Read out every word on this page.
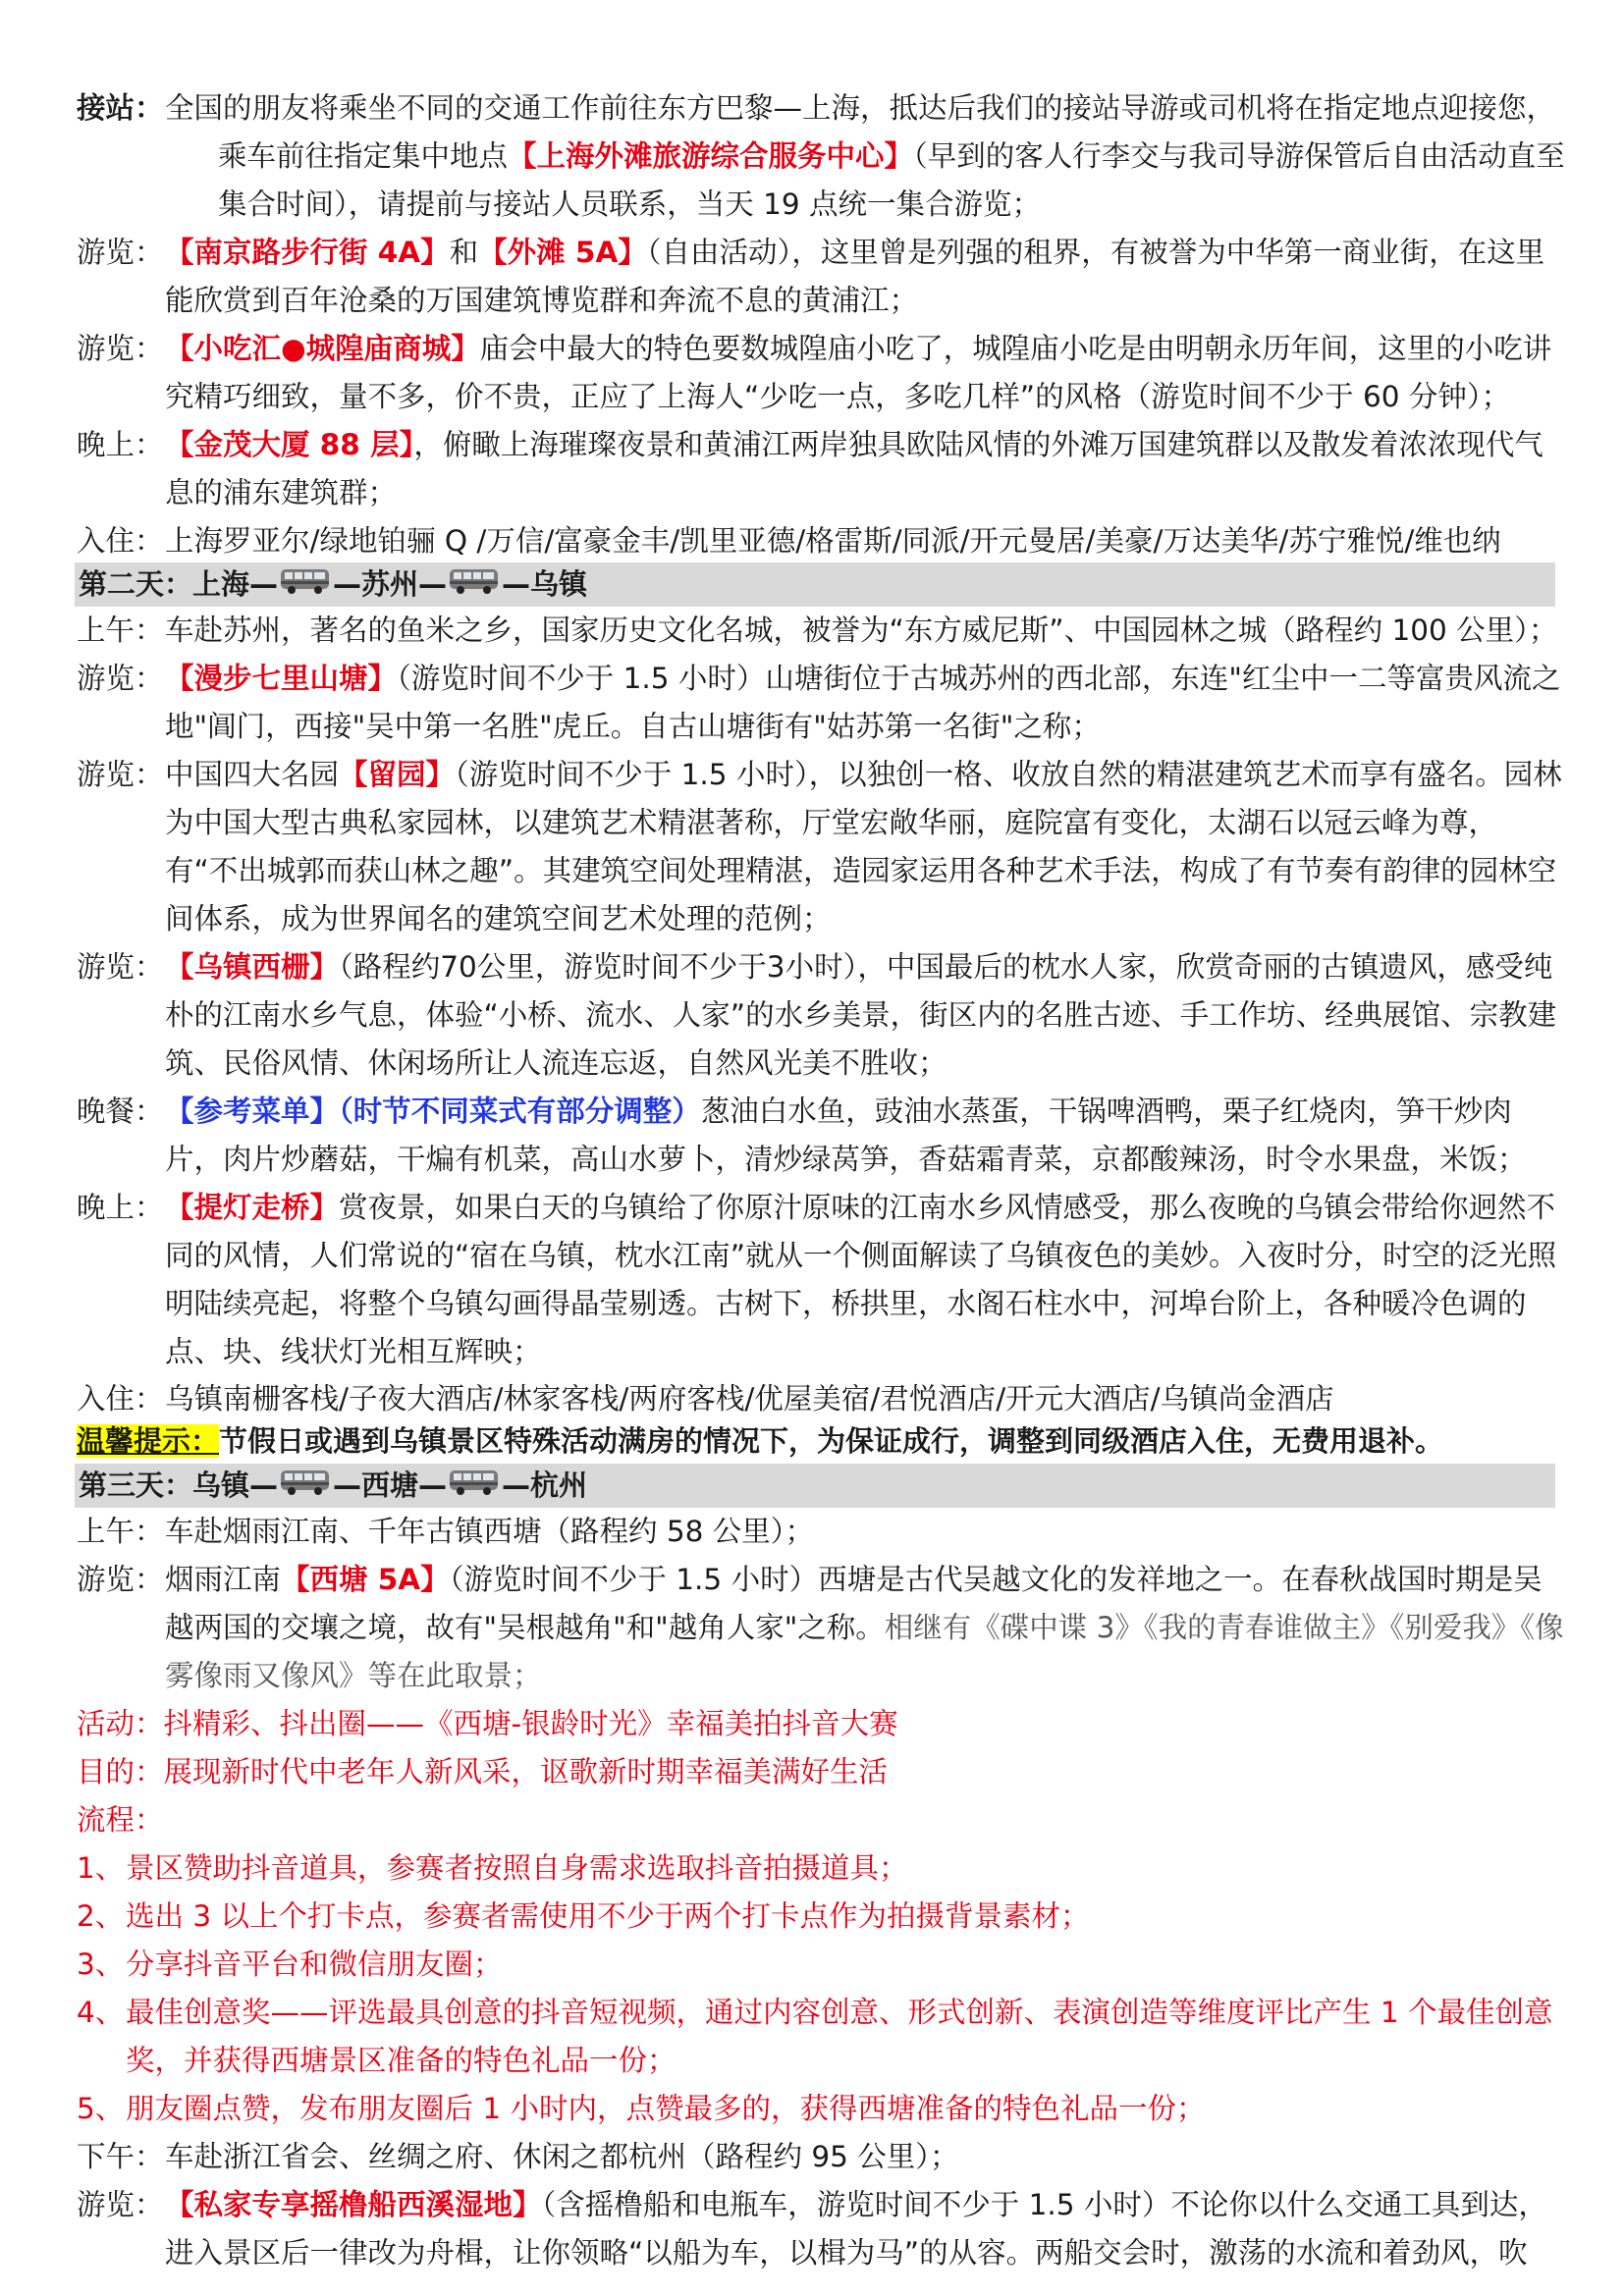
接站： 全国的朋友将乘坐不同的交通工作前往东方巴黎—上海，抵达后我们的接站导游或司机将在指定地点迎接您，
乘车前往指定集中地点【上海外滩旅游综合服务中心】（早到的客人行李交与我司导游保管后自由活动直至集合时间），请提前与接站人员联系，当天 19 点统一集合游览；
游览： 【南京路步行街 4A】和【外滩 5A】（自由活动），这里曾是列强的租界，有被誉为中华第一商业街，在这里能欣赏到百年沧桑的万国建筑博览群和奔流不息的黄浦江；
游览： 【小吃汇●城隍庙商城】庙会中最大的特色要数城隍庙小吃了，城隍庙小吃是由明朝永历年间，这里的小吃讲究精巧细致，量不多，价不贵，正应了上海人“少吃一点，多吃几样”的风格（游览时间不少于 60 分钟）；
晚上： 【金茂大厦 88 层】，俯瞰上海璀璨夜景和黄浦江两岸独具欧陆风情的外滩万国建筑群以及散发着浓浓现代气息的浦东建筑群；
入住： 上海罗亚尔/绿地铂骊 Q /万信/富豪金丰/凯里亚德/格雷斯/同派/开元曼居/美豪/万达美华/苏宁雅悦/维也纳
第二天：上海— —苏州— —乌镇
上午： 车赴苏州，著名的鱼米之乡，国家历史文化名城，被誉为“东方威尼斯”、中国园林之城（路程约 100 公里）；
游览： 【漫步七里山塘】（游览时间不少于 1.5 小时）山塘街位于古城苏州的西北部，东连"红尘中一二等富贵风流之地"阊门，西接"吴中第一名胜"虎丘。自古山塘街有"姑苏第一名街"之称；
游览： 中国四大名园【留园】（游览时间不少于 1.5 小时），以独创一格、收放自然的精湛建筑艺术而享有盛名。园林为中国大型古典私家园林，以建筑艺术精湛著称，厅堂宏敞华丽，庭院富有变化，太湖石以冠云峰为尊，有“不出城郭而获山林之趣”。其建筑空间处理精湛，造园家运用各种艺术手法，构成了有节奏有韵律的园林空间体系，成为世界闻名的建筑空间艺术处理的范例；
游览： 【乌镇西栅】（路程约70公里，游览时间不少于3小时），中国最后的枕水人家，欣赏奇丽的古镇遗风，感受纯朴的江南水乡气息，体验“小桥、流水、人家”的水乡美景，街区内的名胜古迹、手工作坊、经典展馆、宗教建筑、民俗风情、休闲场所让人流连忘返，自然风光美不胜收；
晚餐： 【参考菜单】（时节不同菜式有部分调整）葱油白水鱼，豉油水蒸蛋，干锅啤酒鸭，栗子红烧肉，笋干炒肉片，肉片炒蘑菇，干煸有机菜，高山水萝卜，清炒绿莴笋，香菇霜青菜，京都酸辣汤，时令水果盘，米饭；
晚上： 【提灯走桥】赏夜景，如果白天的乌镇给了你原汁原味的江南水乡风情感受，那么夜晚的乌镇会带给你迥然不同的风情，人们常说的“宿在乌镇，枕水江南”就从一个侧面解读了乌镇夜色的美妙。入夜时分，时空的泛光照明陆续亮起，将整个乌镇勾画得晶莹剔透。古树下，桥拱里，水阁石柱水中，河埠台阶上，各种暖冷色调的点、块、线状灯光相互辉映；
入住： 乌镇南栅客栈/子夜大酒店/林家客栈/两府客栈/优屋美宿/君悦酒店/开元大酒店/乌镇尚金酒店
温馨提示：节假日或遇到乌镇景区特殊活动满房的情况下，为保证成行，调整到同级酒店入住，无费用退补。
第三天：乌镇— —西塘— —杭州
上午： 车赴烟雨江南、千年古镇西塘（路程约 58 公里）；
游览： 烟雨江南【西塘 5A】（游览时间不少于 1.5 小时）西塘是古代吴越文化的发祥地之一。在春秋战国时期是吴越两国的交壤之境，故有"吴根越角"和"越角人家"之称。相继有《碟中谍 3》《我的青春谁做主》《别爱我》《像雾像雨又像风》等在此取景；
活动：抖精彩、抖出圈——《西塘-银龄时光》幸福美拍抖音大赛
目的：展现新时代中老年人新风采，讴歌新时期幸福美满好生活
流程：
1、 景区赞助抖音道具，参赛者按照自身需求选取抖音拍摄道具；
2、 选出 3 以上个打卡点，参赛者需使用不少于两个打卡点作为拍摄背景素材；
3、 分享抖音平台和微信朋友圈；
4、 最佳创意奖——评选最具创意的抖音短视频，通过内容创意、形式创新、表演创造等维度评比产生 1 个最佳创意奖，并获得西塘景区准备的特色礼品一份；
5、 朋友圈点赞，发布朋友圈后 1 小时内，点赞最多的，获得西塘准备的特色礼品一份；
下午： 车赴浙江省会、丝绸之府、休闲之都杭州（路程约 95 公里）；
游览： 【私家专享摇橹船西溪湿地】（含摇橹船和电瓶车，游览时间不少于 1.5 小时）不论你以什么交通工具到达，进入景区后一律改为舟楫，让你领略“以船为车，以楫为马”的从容。两船交会时，激荡的水流和着劲风，吹
